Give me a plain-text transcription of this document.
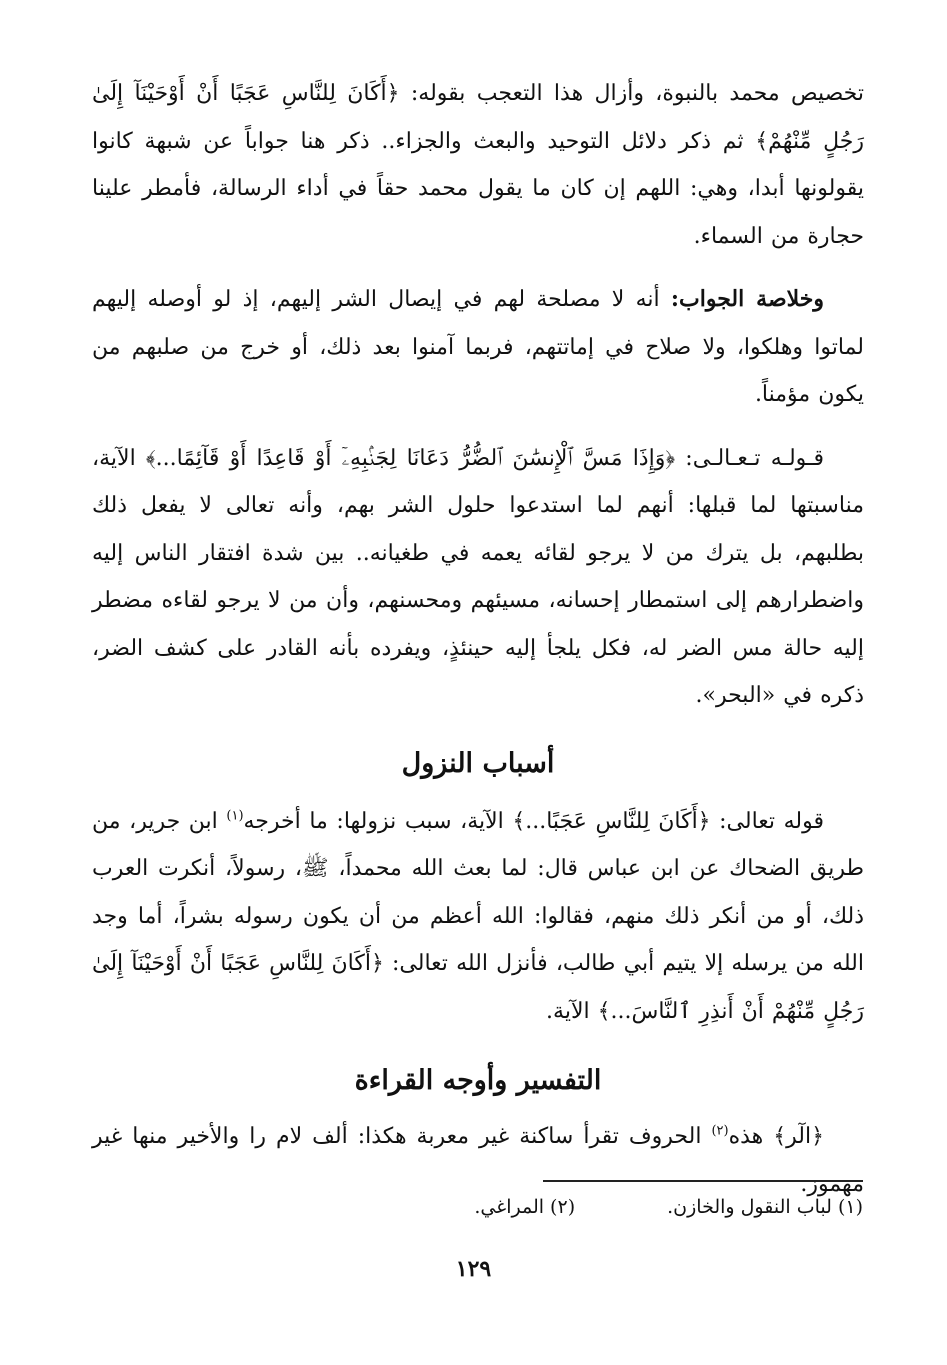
تخصيص محمد بالنبوة، وأزال هذا التعجب بقوله: ﴿أَكَانَ لِلنَّاسِ عَجَبًا أَنْ أَوْحَيْنَآ إِلَىٰ رَجُلٍ مِّنْهُمْ﴾ ثم ذكر دلائل التوحيد والبعث والجزاء.. ذكر هنا جواباً عن شبهة كانوا يقولونها أبدا، وهي: اللهم إن كان ما يقول محمد حقاً في أداء الرسالة، فأمطر علينا حجارة من السماء.

وخلاصة الجواب: أنه لا مصلحة لهم في إيصال الشر إليهم، إذ لو أوصله إليهم لماتوا وهلكوا، ولا صلاح في إماتتهم، فربما آمنوا بعد ذلك، أو خرج من صلبهم من يكون مؤمناً.

قـولـه تـعـالـى: ﴿وَإِذَا مَسَّ ٱلْإِنسَٰنَ ٱلضُّرُّ دَعَانَا لِجَنۢبِهِۦٓ أَوْ قَاعِدًا أَوْ قَآئِمًا...﴾ الآية، مناسبتها لما قبلها: أنهم لما استدعوا حلول الشر بهم، وأنه تعالى لا يفعل ذلك بطلبهم، بل يترك من لا يرجو لقائه يعمه في طغيانه.. بين شدة افتقار الناس إليه واضطرارهم إلى استمطار إحسانه، مسيئهم ومحسنهم، وأن من لا يرجو لقاءه مضطر إليه حالة مس الضر له، فكل يلجأ إليه حينئذٍ، ويفرده بأنه القادر على كشف الضر، ذكره في «البحر».

أسباب النزول

قوله تعالى: ﴿أَكَانَ لِلنَّاسِ عَجَبًا...﴾ الآية، سبب نزولها: ما أخرجه$^{(١)}$ ابن جرير، من طريق الضحاك عن ابن عباس قال: لما بعث الله محمداً، ﷺ، رسولاً، أنكرت العرب ذلك، أو من أنكر ذلك منهم، فقالوا: الله أعظم من أن يكون رسوله بشراً، أما وجد الله من يرسله إلا يتيم أبي طالب، فأنزل الله تعالى: ﴿أَكَانَ لِلنَّاسِ عَجَبًا أَنْ أَوْحَيْنَآ إِلَىٰ رَجُلٍ مِّنْهُمْ أَنْ أَنذِرِ ٱلنَّاسَ...﴾ الآية.

التفسير وأوجه القراءة

﴿الٓر﴾ هذه$^{(٢)}$ الحروف تقرأ ساكنة غير معربة هكذا: ألف لام را والأخير منها غير مهموز.

(١) لباب النقول والخازن.
(٢) المراغي.
١٢٩
